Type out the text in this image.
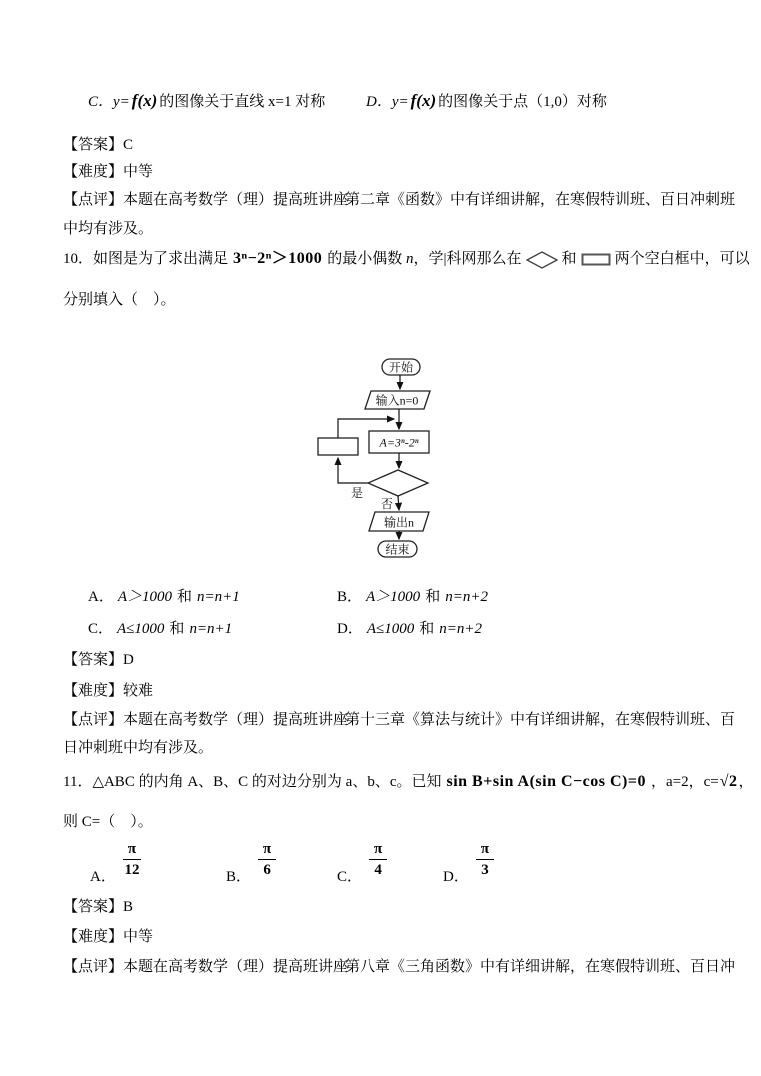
C．y= f(x) 的图像关于直线 x=1 对称	D．y= f(x) 的图像关于点（1,0）对称
【答案】C
【难度】中等
【点评】本题在高考数学（理）提高班讲座
第二章《函数》中有详细讲解，在寒假特训班、百日冲刺班
中均有涉及。
10．如图是为了求出满足 3ⁿ−2ⁿ＞1000 的最小偶数 n，学|科网那么在	和	两个空白框中，可以
分别填入（　）。
开始
输入n=0
A=3ⁿ-2ⁿ
是
否
输出n
结束
A． A＞1000 和 n=n+1	B． A＞1000 和 n=n+2
C． A≤1000 和 n=n+1	D． A≤1000 和 n=n+2
【答案】D
【难度】较难
【点评】本题在高考数学（理）提高班讲座
第十三章《算法与统计》中有详细讲解，在寒假特训班、百
日冲刺班中均有涉及。
11．△ABC 的内角 A、B、C 的对边分别为 a、b、c。已知 sin B+sin A(sin C−cos C)=0 ，a=2，c=√2，
则 C=（　）。
A． $\frac{\pi}{12}$	B． $\frac{\pi}{6}$	C． $\frac{\pi}{4}$	D． $\frac{\pi}{3}$
【答案】B
【难度】中等
【点评】本题在高考数学（理）提高班讲座
第八章《三角函数》中有详细讲解，在寒假特训班、百日冲
